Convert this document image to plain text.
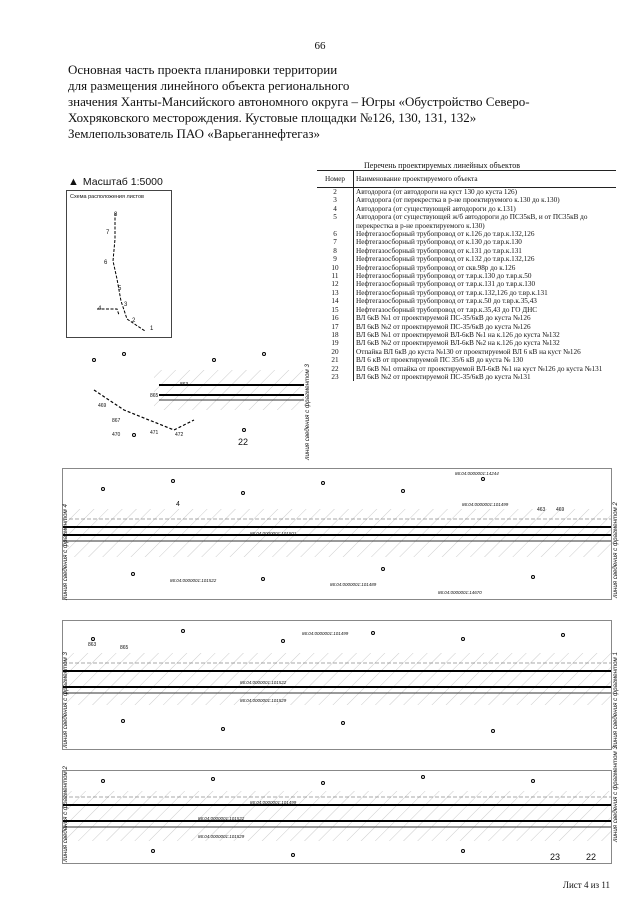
66
Основная часть проекта планировки территории
для размещения линейного объекта регионального
значения Ханты-Мансийского автономного округа – Югры «Обустройство Северо-
Хохряковского месторождения. Кустовые площадки №126, 130, 131, 132»
Землепользователь ПАО «Варьеганнефтегаз»
▲ Масштаб 1:5000
Схема расположения листов
8
7
6
5
4
3
2
1
Перечень проектируемых линейных объектов
Номер	Наименование проектируемого объекта
2	Автодорога (от автодороги на куст 130 до куста 126)
3	Автодорога (от перекрестка в р-не проектируемого к.130 до к.130)
4	Автодорога (от существующей автодороги до к.131)
5	Автодорога (от существующей ж/б автодороги до ПС35кВ, и от ПС35кВ до перекрестка в р-не проектируемого к.130)
6	Нефтегазосборный трубопровод от к.126 до т.вр.к.132,126
7	Нефтегазосборный трубопровод от к.130 до т.вр.к.130
8	Нефтегазосборный трубопровод от к.131 до т.вр.к.131
9	Нефтегазосборный трубопровод от к.132 до т.вр.к.132,126
10	Нефтегазосборный трубопровод от скв.98р до к.126
11	Нефтегазосборный трубопровод от т.вр.к.130 до т.вр.к.50
12	Нефтегазосборный трубопровод от т.вр.к.131 до т.вр.к.130
13	Нефтегазосборный трубопровод от т.вр.к.132,126 до т.вр.к.131
14	Нефтегазосборный трубопровод от т.вр.к.50 до т.вр.к.35,43
15	Нефтегазосборный трубопровод от т.вр.к.35,43 до ГО ДНС
16	ВЛ 6кВ №1 от проектируемой ПС-35/6кВ до куста №126
17	ВЛ 6кВ №2 от проектируемой ПС-35/6кВ до куста №126
18	ВЛ 6кВ №1 от проектируемой ВЛ-6кВ №1 на к.126 до куста №132
19	ВЛ 6кВ №2 от проектируемой ВЛ-6кВ №2 на к.126 до куста №132
20	Отпайка ВЛ 6кВ до куста №130 от проектируемой ВЛ 6 кВ на куст №126
21	ВЛ 6 кВ от проектируемой ПС 35/6 кВ до куста № 130
22	ВЛ 6кВ №1 отпайка от проектируемой ВЛ-6кВ №1 на куст №126 до куста №131
23	ВЛ 6кВ №2 от проектируемой ПС-35/6кВ до куста №131
863
865
469
867
471	472
470
22	линия сведения с фрагментом 3
86:04:0000001:14244
86:04:0000001:101499
86:04:0000001:101501
86:04:0000001:101522
86:04:0000001:101489
86:04:0000001:14670
463 469
4
линия сведения с фрагментом 4	линия сведения с фрагментом 2
86:04:0000001:101499
86:04:0000001:101522
86:04:0000001:101529
863	865
линия сведения с фрагментом 3	линия сведения с фрагментом 1
86:04:0000001:101499
86:04:0000001:101522
86:04:0000001:101529
23	22
линия сведения с фрагментом 2	линия сведения с фрагментом 3
Лист 4 из 11
